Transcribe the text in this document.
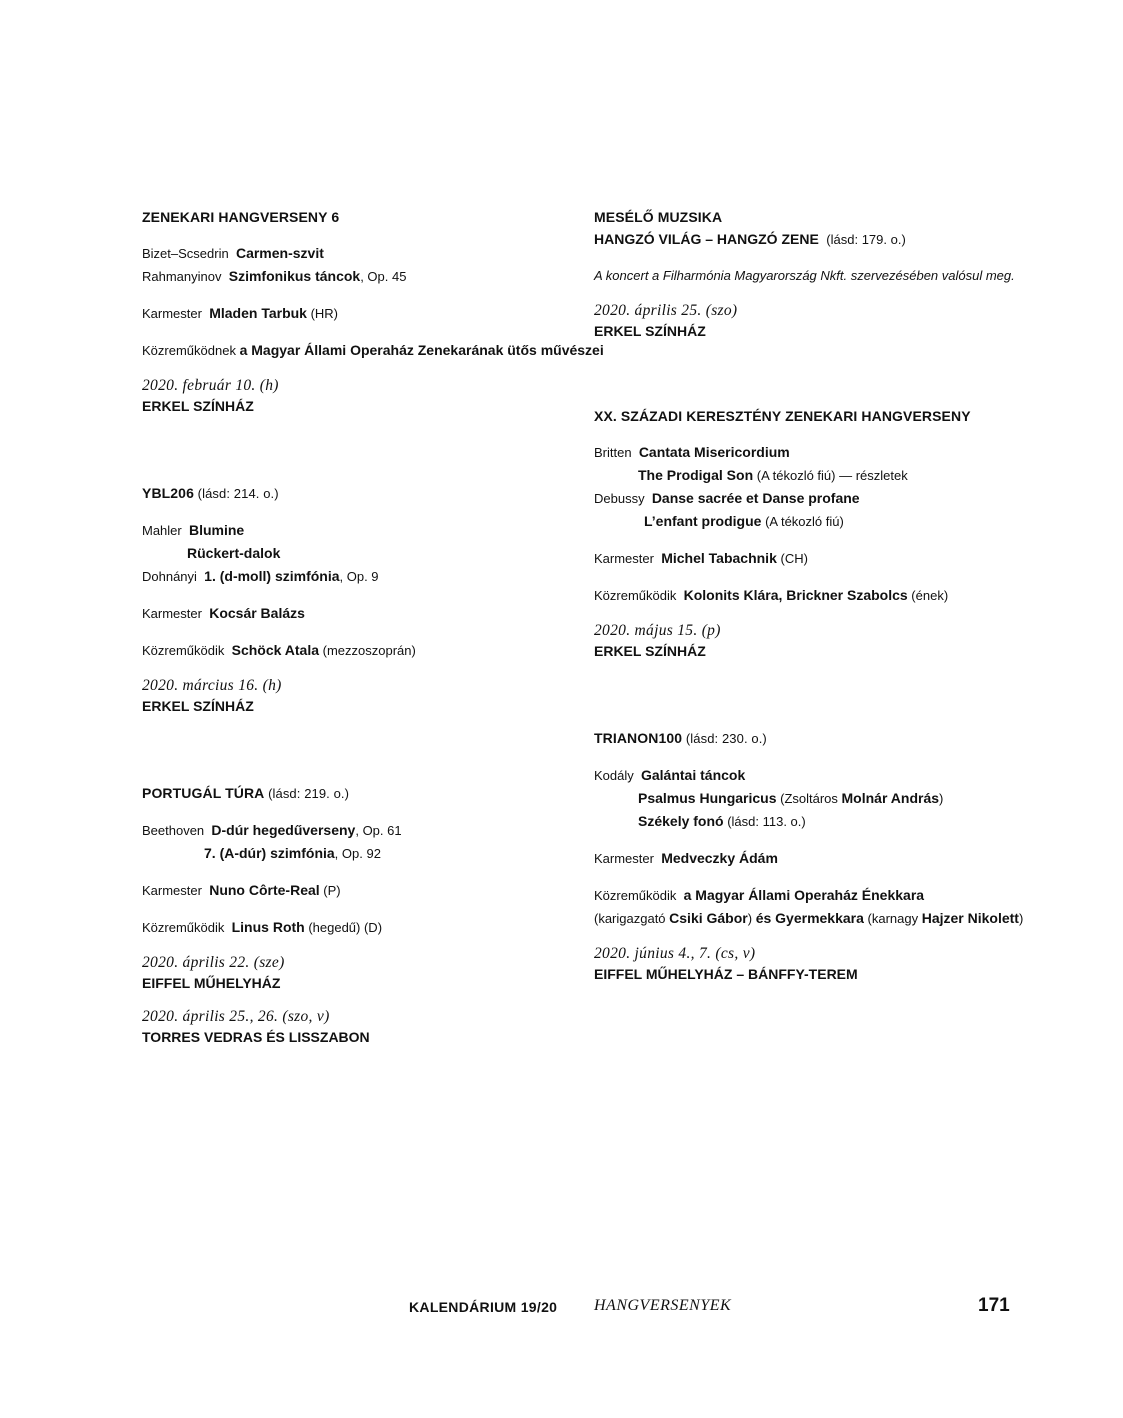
ZENEKARI HANGVERSENY 6
Bizet–Scsedrin Carmen-szvit
Rahmanyinov Szimfonikus táncok, Op. 45
Karmester Mladen Tarbuk (HR)
Közreműködnek a Magyar Állami Operaház Zenekarának ütős művészei
2020. február 10. (h)
ERKEL SZÍNHÁZ
YBL206 (lásd: 214. o.)
Mahler Blumine
Rückert-dalok
Dohnányi 1. (d-moll) szimfónia, Op. 9
Karmester Kocsár Balázs
Közreműködik Schöck Atala (mezzoszoprán)
2020. március 16. (h)
ERKEL SZÍNHÁZ
PORTUGÁL TÚRA (lásd: 219. o.)
Beethoven D-dúr hegedűverseny, Op. 61
7. (A-dúr) szimfónia, Op. 92
Karmester Nuno Côrte-Real (P)
Közreműködik Linus Roth (hegedű) (D)
2020. április 22. (sze)
EIFFEL MŰHELYHÁZ
2020. április 25., 26. (szo, v)
TORRES VEDRAS ÉS LISSZABON
MESÉLŐ MUZSIKA
HANGZÓ VILÁG – HANGZÓ ZENE  (lásd: 179. o.)
A koncert a Filharmónia Magyarország Nkft. szervezésében valósul meg.
2020. április 25. (szo)
ERKEL SZÍNHÁZ
XX. SZÁZADI KERESZTÉNY ZENEKARI HANGVERSENY
Britten Cantata Misericordium
The Prodigal Son (A tékozló fiú) — részletek
Debussy Danse sacrée et Danse profane
L’enfant prodigue (A tékozló fiú)
Karmester Michel Tabachnik (CH)
Közreműködik Kolonits Klára, Brickner Szabolcs (ének)
2020. május 15. (p)
ERKEL SZÍNHÁZ
TRIANON100 (lásd: 230. o.)
Kodály Galántai táncok
Psalmus Hungaricus (Zsoltáros Molnár András)
Székely fonó (lásd: 113. o.)
Karmester Medveczky Ádám
Közreműködik a Magyar Állami Operaház Énekkara
(karigazgató Csiki Gábor) és Gyermekkara (karnagy Hajzer Nikolett)
2020. június 4., 7. (cs, v)
EIFFEL MŰHELYHÁZ – BÁNFFY-TEREM
KALENDÁRIUM 19/20 HANGVERSENYEK	171
